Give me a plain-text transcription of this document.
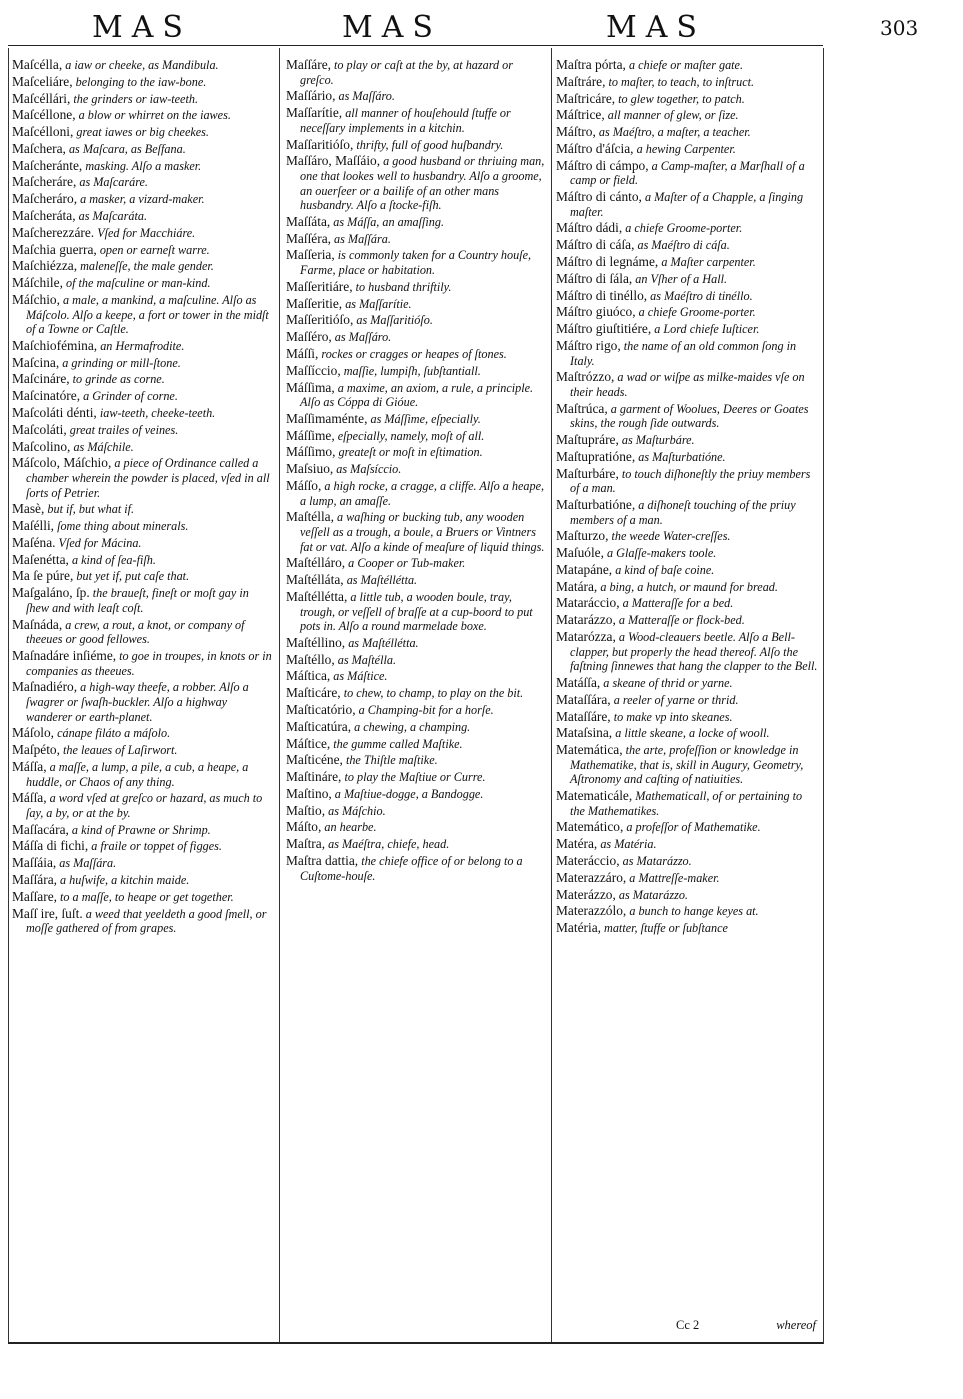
MAS	MAS	MAS	303

Maſcélla, a iaw or cheeke, as Mandibula.

Maſceliáre, belonging to the iaw-bone.

Maſcéllári, the grinders or iaw-teeth.

Maſcéllone, a blow or whirret on the iawes.

Maſcélloni, great iawes or big cheekes.

Maſchera, as Maſcara, as Beſfana.

Maſcheránte, masking. Alſo a masker.

Maſcheráre, as Maſcaráre.

Maſcheráro, a masker, a vizard-maker.

Maſcheráta, as Maſcaráta.

Maſcherezzáre. Vſed for Macchiáre.

Maſchia guerra, open or earneſt warre.

Maſchiézza, maleneſſe, the male gender.

Máſchile, of the maſculine or man-kind.

Máſchio, a male, a mankind, a maſculine. Alſo as Máſcolo. Alſo a keepe, a fort or tower in the midſt of a Towne or Caſtle.

Maſchiofémina, an Hermafrodite.

Maſcina, a grinding or mill-ſtone.

Maſcináre, to grinde as corne.

Maſcinatóre, a Grinder of corne.

Maſcoláti dénti, iaw-teeth, cheeke-teeth.

Maſcoláti, great trailes of veines.

Maſcolino, as Máſchile.

Máſcolo, Máſchio, a piece of Ordinance called a chamber wherein the powder is placed, vſed in all ſorts of Petrier.

Masè, but if, but what if.

Maſélli, ſome thing about minerals.

Maſéna. Vſed for Mácina.

Maſenétta, a kind of ſea-fiſh.

Ma ſe púre, but yet if, put caſe that.

Maſgaláno, ſp. the braueſt, fineſt or moſt gay in ſhew and with leaſt coſt.

Maſnáda, a crew, a rout, a knot, or company of theeues or good fellowes.

Maſnadáre inſiéme, to goe in troupes, in knots or in companies as theeues.

Maſnadiéro, a high-way theefe, a robber. Alſo a ſwagrer or ſwaſh-buckler. Alſo a highway wanderer or earth-planet.

Máſolo, cánape filáto a máſolo.

Maſpéto, the leaues of Laſirwort.

Máſſa, a maſſe, a lump, a pile, a cub, a heape, a huddle, or Chaos of any thing.

Máſſa, a word vſed at greſco or hazard, as much to ſay, a by, or at the by.

Maſſacára, a kind of Prawne or Shrimp.

Máſſa di fichi, a fraile or toppet of figges.

Maſſáia, as Maſſára.

Maſſára, a huſwife, a kitchin maide.

Maſſare, to a maſſe, to heape or get together.

Maſſ ire, ſuſt. a weed that yeeldeth a good ſmell, or moſſe gathered of from grapes.

Maſſáre, to play or caſt at the by, at hazard or greſco.

Maſſário, as Maſſáro.

Maſſarítie, all manner of houſehould ſtuffe or neceſſary implements in a kitchin.

Maſſaritióſo, thrifty, full of good huſbandry.

Maſſáro, Maſſáio, a good husband or thriuing man, one that lookes well to husbandry. Alſo a groome, an ouerſeer or a bailife of an other mans husbandry. Alſo a ſtocke-fiſh.

Maſſáta, as Máſſa, an amaſſing.

Maſſéra, as Maſſára.

Maſſeria, is commonly taken for a Country houſe, Farme, place or habitation.

Maſſeritiáre, to husband thriftily.

Maſſeritie, as Maſſarítie.

Maſſeritióſo, as Maſſaritióſo.

Maſſéro, as Maſſáro.

Máſſi, rockes or cragges or heapes of ſtones.

Maſſíccio, maſſie, lumpiſh, ſubſtantiall.

Máſſima, a maxime, an axiom, a rule, a principle. Alſo as Cóppa di Gióue.

Maſſimaménte, as Máſſime, eſpecially.

Máſſime, eſpecially, namely, moſt of all.

Máſſimo, greateſt or moſt in eſtimation.

Maſsiuo, as Maſsíccio.

Máſſo, a high rocke, a cragge, a cliffe. Alſo a heape, a lump, an amaſſe.

Maſtélla, a waſhing or bucking tub, any wooden veſſell as a trough, a boule, a Bruers or Vintners fat or vat. Alſo a kinde of meaſure of liquid things.

Maſtélláro, a Cooper or Tub-maker.

Maſtélláta, as Maſtéllétta.

Maſtéllétta, a little tub, a wooden boule, tray, trough, or veſſell of braſſe at a cup-boord to put pots in. Alſo a round marmelade boxe.

Maſtéllino, as Maſtéllétta.

Maſtéllo, as Maſtélla.

Máſtica, as Máſtice.

Maſticáre, to chew, to champ, to play on the bit.

Maſticatório, a Champing-bit for a horſe.

Maſticatúra, a chewing, a champing.

Máſtice, the gumme called Maſtike.

Maſticéne, the Thiſtle maſtike.

Maſtináre, to play the Maſtiue or Curre.

Maſtino, a Maſtiue-dogge, a Bandogge.

Maſtio, as Máſchio.

Máſto, an hearbe.

Maſtra, as Maéſtra, chiefe, head.

Maſtra dattia, the chiefe office of or belong to a Cuſtome-houſe.

Maſtra pórta, a chiefe or maſter gate.

Maſtráre, to maſter, to teach, to inſtruct.

Maſtricáre, to glew together, to patch.

Máſtrice, all manner of glew, or ſize.

Máſtro, as Maéſtro, a maſter, a teacher.

Máſtro d'áſcia, a hewing Carpenter.

Máſtro di cámpo, a Camp-maſter, a Marſhall of a camp or field.

Máſtro di cánto, a Maſter of a Chapple, a ſinging maſter.

Máſtro dádi, a chiefe Groome-porter.

Máſtro di cáſa, as Maéſtro di cáſa.

Máſtro di legnáme, a Maſter carpenter.

Máſtro di ſála, an Vſher of a Hall.

Máſtro di tinéllo, as Maéſtro di tinéllo.

Máſtro giuóco, a chiefe Groome-porter.

Máſtro giuſtitiére, a Lord chiefe Iuſticer.

Máſtro rigo, the name of an old common ſong in Italy.

Maſtrózzo, a wad or wiſpe as milke-maides vſe on their heads.

Maſtrúca, a garment of Woolues, Deeres or Goates skins, the rough ſide outwards.

Maſtupráre, as Maſturbáre.

Maſtupratióne, as Maſturbatióne.

Maſturbáre, to touch diſhoneſtly the priuy members of a man.

Maſturbatióne, a diſhoneſt touching of the priuy members of a man.

Maſturzo, the weede Water-creſſes.

Maſuóle, a Glaſſe-makers toole.

Matapáne, a kind of baſe coine.

Matára, a bing, a hutch, or maund for bread.

Mataráccio, a Matteraſſe for a bed.

Matarázzo, a Matteraſſe or flock-bed.

Matarózza, a Wood-cleauers beetle. Alſo a Bell-clapper, but properly the head thereof. Alſo the faſtning ſinnewes that hang the clapper to the Bell.

Matáſſa, a skeane of thrid or yarne.

Mataſſára, a reeler of yarne or thrid.

Mataſſáre, to make vp into skeanes.

Mataſsina, a little skeane, a locke of wooll.

Matemática, the arte, profeſſion or knowledge in Mathematike, that is, skill in Augury, Geometry, Aſtronomy and caſting of natiuities.

Matematicále, Mathematicall, of or pertaining to the Mathematikes.

Matemático, a profeſſor of Mathematike.

Matéra, as Matéria.

Materáccio, as Matarázzo.

Materazzáro, a Mattreſſe-maker.

Materázzo, as Matarázzo.

Materazzólo, a bunch to hange keyes at.

Matéria, matter, ſtuffe or ſubſtance

Cc 2	whereof
